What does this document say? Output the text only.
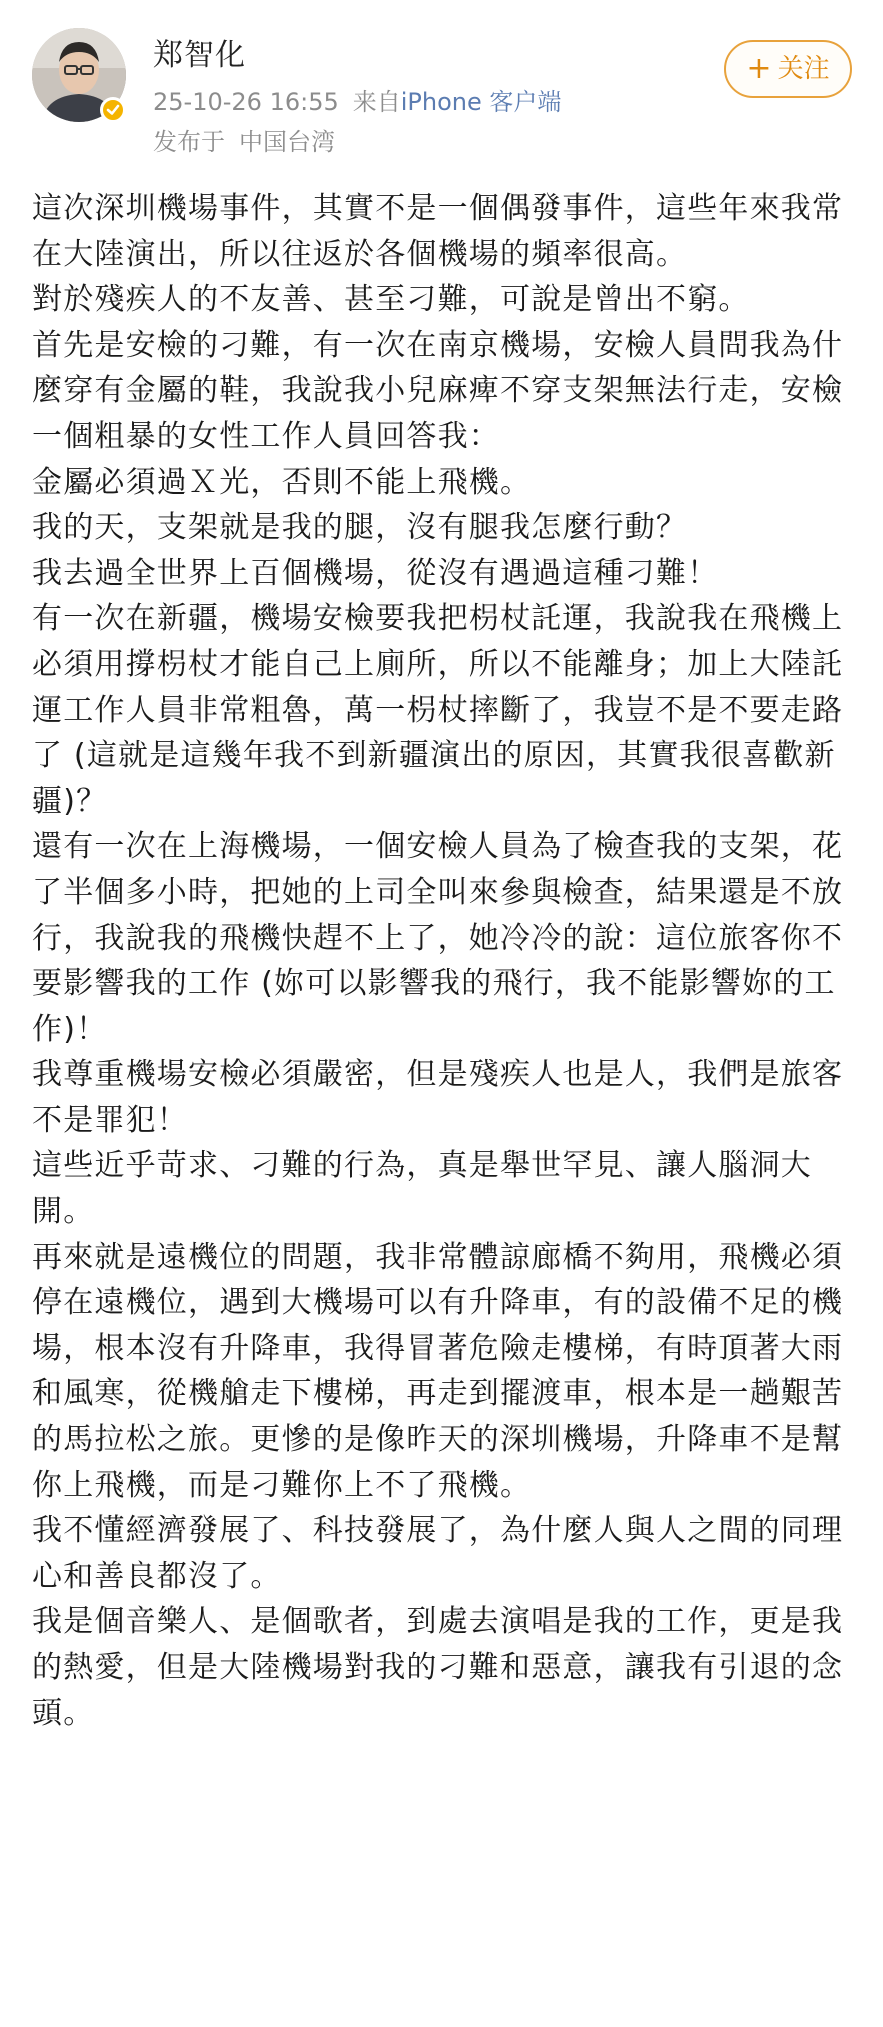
郑智化
25-10-26 16:55 来自iPhone 客户端
发布于 中国台湾
+ 关注

這次深圳機場事件，其實不是一個偶發事件，這些年來我常在大陸演出，所以往返於各個機場的頻率很高。

對於殘疾人的不友善、甚至刁難，可說是曾出不窮。

首先是安檢的刁難，有一次在南京機場，安檢人員問我為什麼穿有金屬的鞋，我說我小兒麻痺不穿支架無法行走，安檢一個粗暴的女性工作人員回答我：

金屬必須過Ｘ光，否則不能上飛機。

我的天，支架就是我的腿，沒有腿我怎麼行動？

我去過全世界上百個機場，從沒有遇過這種刁難！

有一次在新疆，機場安檢要我把枴杖託運，我說我在飛機上必須用撐枴杖才能自己上廁所，所以不能離身；加上大陸託運工作人員非常粗魯，萬一枴杖摔斷了，我豈不是不要走路了 (這就是這幾年我不到新疆演出的原因，其實我很喜歡新疆)？

還有一次在上海機場，一個安檢人員為了檢查我的支架，花了半個多小時，把她的上司全叫來參與檢查，結果還是不放行，我說我的飛機快趕不上了，她冷冷的說：這位旅客你不要影響我的工作 (妳可以影響我的飛行，我不能影響妳的工作)！

我尊重機場安檢必須嚴密，但是殘疾人也是人，我們是旅客不是罪犯！

這些近乎苛求、刁難的行為，真是舉世罕見、讓人腦洞大開。

再來就是遠機位的問題，我非常體諒廊橋不夠用，飛機必須停在遠機位，遇到大機場可以有升降車，有的設備不足的機場，根本沒有升降車，我得冒著危險走樓梯，有時頂著大雨和風寒，從機艙走下樓梯，再走到擺渡車，根本是一趟艱苦的馬拉松之旅。更慘的是像昨天的深圳機場，升降車不是幫你上飛機，而是刁難你上不了飛機。

我不懂經濟發展了、科技發展了，為什麼人與人之間的同理心和善良都沒了。

我是個音樂人、是個歌者，到處去演唱是我的工作，更是我的熱愛，但是大陸機場對我的刁難和惡意，讓我有引退的念頭。
